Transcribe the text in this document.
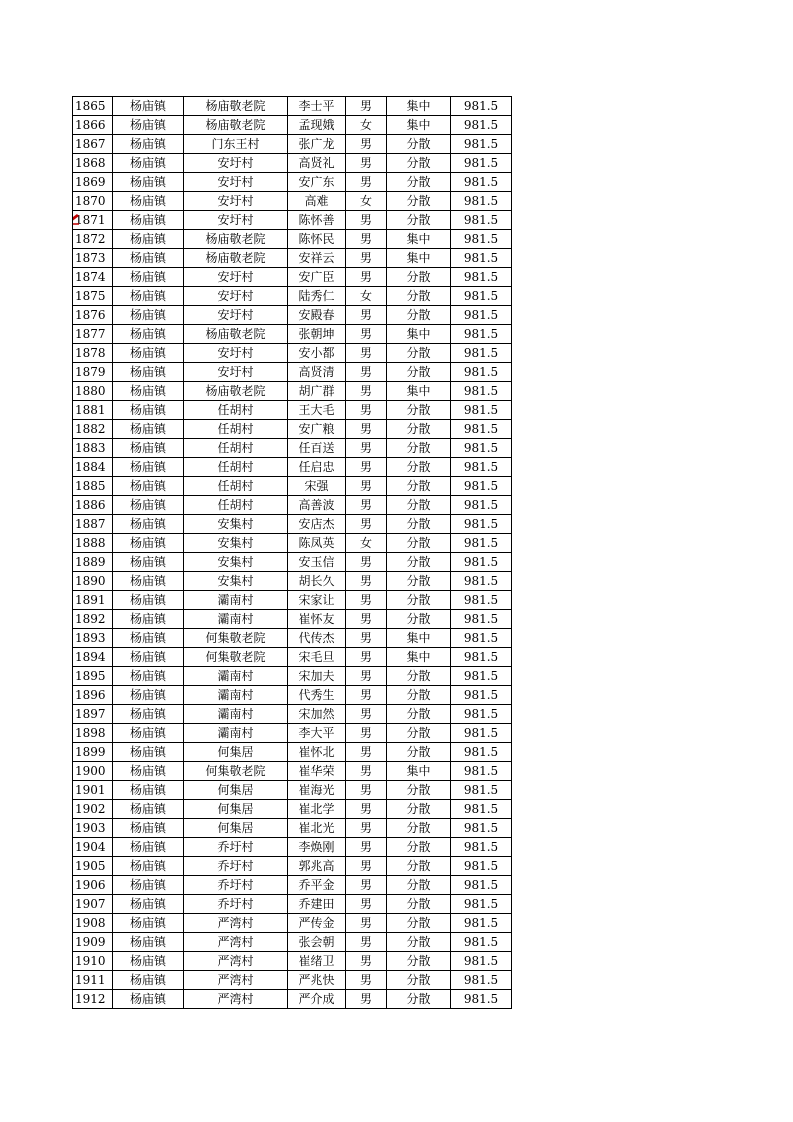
1865	杨庙镇	杨庙敬老院	李士平	男	集中	981.5
1866	杨庙镇	杨庙敬老院	孟现娥	女	集中	981.5
1867	杨庙镇	门东王村	张广龙	男	分散	981.5
1868	杨庙镇	安圩村	高贤礼	男	分散	981.5
1869	杨庙镇	安圩村	安广东	男	分散	981.5
1870	杨庙镇	安圩村	高难	女	分散	981.5

1871	杨庙镇	安圩村	陈怀善	男	分散	981.5
1872	杨庙镇	杨庙敬老院	陈怀民	男	集中	981.5
1873	杨庙镇	杨庙敬老院	安祥云	男	集中	981.5
1874	杨庙镇	安圩村	安广臣	男	分散	981.5
1875	杨庙镇	安圩村	陆秀仁	女	分散	981.5
1876	杨庙镇	安圩村	安殿春	男	分散	981.5
1877	杨庙镇	杨庙敬老院	张朝坤	男	集中	981.5
1878	杨庙镇	安圩村	安小都	男	分散	981.5
1879	杨庙镇	安圩村	高贤清	男	分散	981.5
1880	杨庙镇	杨庙敬老院	胡广群	男	集中	981.5
1881	杨庙镇	任胡村	王大毛	男	分散	981.5
1882	杨庙镇	任胡村	安广粮	男	分散	981.5
1883	杨庙镇	任胡村	任百送	男	分散	981.5
1884	杨庙镇	任胡村	任启忠	男	分散	981.5
1885	杨庙镇	任胡村	宋强	男	分散	981.5
1886	杨庙镇	任胡村	高善波	男	分散	981.5
1887	杨庙镇	安集村	安店杰	男	分散	981.5
1888	杨庙镇	安集村	陈凤英	女	分散	981.5
1889	杨庙镇	安集村	安玉信	男	分散	981.5
1890	杨庙镇	安集村	胡长久	男	分散	981.5
1891	杨庙镇	灞南村	宋家让	男	分散	981.5
1892	杨庙镇	灞南村	崔怀友	男	分散	981.5
1893	杨庙镇	何集敬老院	代传杰	男	集中	981.5
1894	杨庙镇	何集敬老院	宋毛旦	男	集中	981.5
1895	杨庙镇	灞南村	宋加夫	男	分散	981.5
1896	杨庙镇	灞南村	代秀生	男	分散	981.5
1897	杨庙镇	灞南村	宋加然	男	分散	981.5
1898	杨庙镇	灞南村	李大平	男	分散	981.5
1899	杨庙镇	何集居	崔怀北	男	分散	981.5
1900	杨庙镇	何集敬老院	崔华荣	男	集中	981.5
1901	杨庙镇	何集居	崔海光	男	分散	981.5
1902	杨庙镇	何集居	崔北学	男	分散	981.5
1903	杨庙镇	何集居	崔北光	男	分散	981.5
1904	杨庙镇	乔圩村	李焕刚	男	分散	981.5
1905	杨庙镇	乔圩村	郭兆高	男	分散	981.5
1906	杨庙镇	乔圩村	乔平金	男	分散	981.5
1907	杨庙镇	乔圩村	乔建田	男	分散	981.5
1908	杨庙镇	严湾村	严传金	男	分散	981.5
1909	杨庙镇	严湾村	张会朝	男	分散	981.5
1910	杨庙镇	严湾村	崔绪卫	男	分散	981.5
1911	杨庙镇	严湾村	严兆快	男	分散	981.5
1912	杨庙镇	严湾村	严介成	男	分散	981.5
